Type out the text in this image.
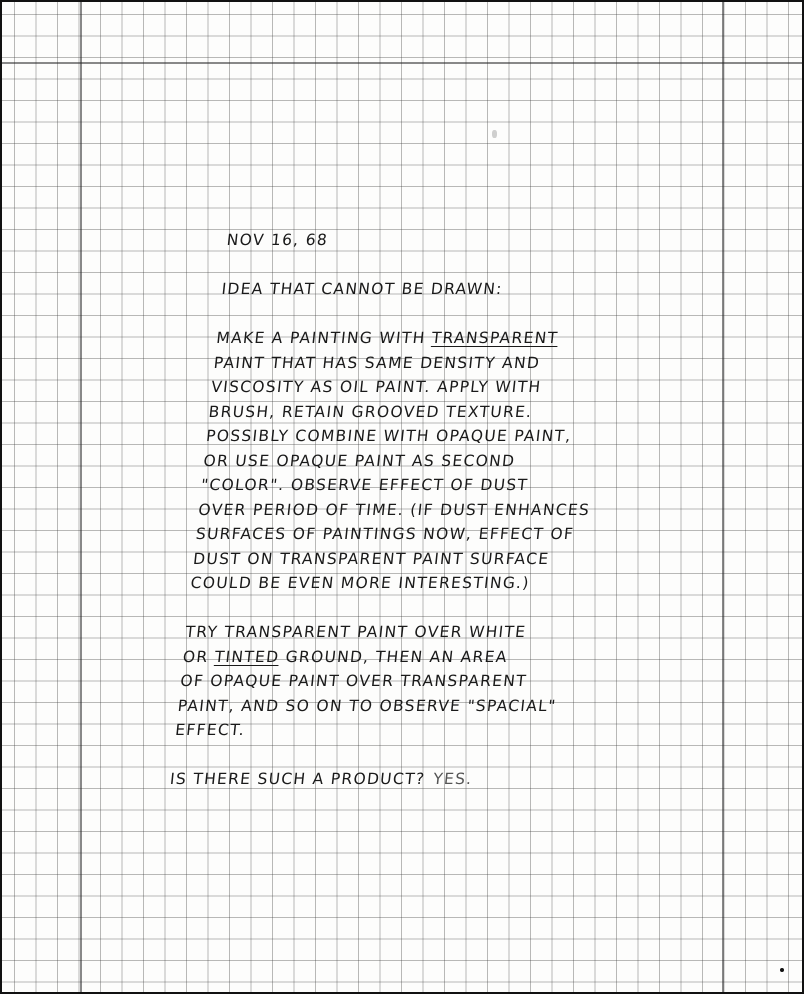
NOV 16, 68
IDEA THAT CANNOT BE DRAWN:
MAKE A PAINTING WITH TRANSPARENT
PAINT THAT HAS SAME DENSITY AND
VISCOSITY AS OIL PAINT. APPLY WITH
BRUSH, RETAIN GROOVED TEXTURE.
POSSIBLY COMBINE WITH OPAQUE PAINT,
OR USE OPAQUE PAINT AS SECOND
"COLOR". OBSERVE EFFECT OF DUST
OVER PERIOD OF TIME. (IF DUST ENHANCES
SURFACES OF PAINTINGS NOW, EFFECT OF
DUST ON TRANSPARENT PAINT SURFACE
COULD BE EVEN MORE INTERESTING.)
TRY TRANSPARENT PAINT OVER WHITE
OR TINTED GROUND, THEN AN AREA
OF OPAQUE PAINT OVER TRANSPARENT
PAINT, AND SO ON TO OBSERVE "SPACIAL"
EFFECT.
IS THERE SUCH A PRODUCT? YES.
